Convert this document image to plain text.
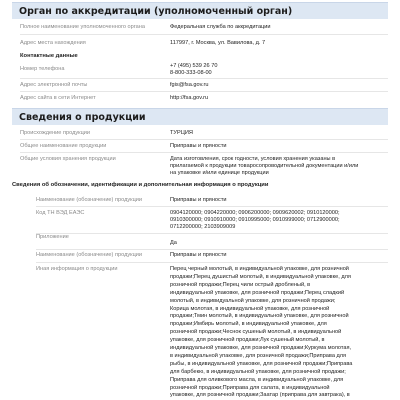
Орган по аккредитации (уполномоченный орган)
Полное наименование уполномоченного органа	Федеральная служба по аккредитации
Адрес места нахождения	117997, г. Москва, ул. Вавилова, д. 7
Контактные данные
Номер телефона	+7 (495) 539 26 70
8-800-333-08-00
Адрес электронной почты	fgis@fsa.gov.ru
Адрес сайта в сети Интернет	http://fsa.gov.ru
Сведения о продукции
Происхождение продукции	ТУРЦИЯ
Общее наименование продукции	Приправы и пряности
Общие условия хранения продукции	Дата изготовления, срок годности, условия хранения указаны в
прилагаемой к продукции товаросопроводительной документации и/или
на упаковке и/или единице продукции
Сведения об обозначении, идентификации и дополнительная информация о продукции
Наименование (обозначение) продукции	Приправы и пряности
Код ТН ВЭД ЕАЭС	0904120000; 0904220000; 0906200000; 0909620002; 0910120000;
0910300000; 0910910000; 0910995000; 0910999000; 0712900000;
0712200000; 2103909009
Приложение
Да
Наименование (обозначение) продукции	Приправы и пряности
Иная информация о продукции	Перец черный молотый, в индивидуальной упаковке, для розничной
продажи;Перец душистый молотый, в индивидуальной упаковке, для
розничной продажи;Перец чили острый дробленый, в
индивидуальной упаковке, для розничной продажи;Перец сладкий
молотый, в индивидуальной упаковке, для розничной продажи;
Корица молотая, в индивидуальной упаковке, для розничной
продажи;Тмин молотый, в индивидуальной упаковке, для розничной
продажи;Имбирь молотый, в индивидуальной упаковке, для
розничной продажи;Чеснок сушеный молотый, в индивидуальной
упаковке, для розничной продажи;Лук сушеный молотый, в
индивидуальной упаковке, для розничной продажи;Куркума молотая,
в индивидуальной упаковке, для розничной продажи;Приправа для
рыбы, в индивидуальной упаковке, для розничной продажи;Приправа
для барбекю, в индивидуальной упаковке, для розничной продажи;
Приправа для оливкового масла, в индивидуальной упаковке, для
розничной продажи;Приправа для салата, в индивидуальной
упаковке, для розничной продажи;Заатар (приправа для завтрака), в
